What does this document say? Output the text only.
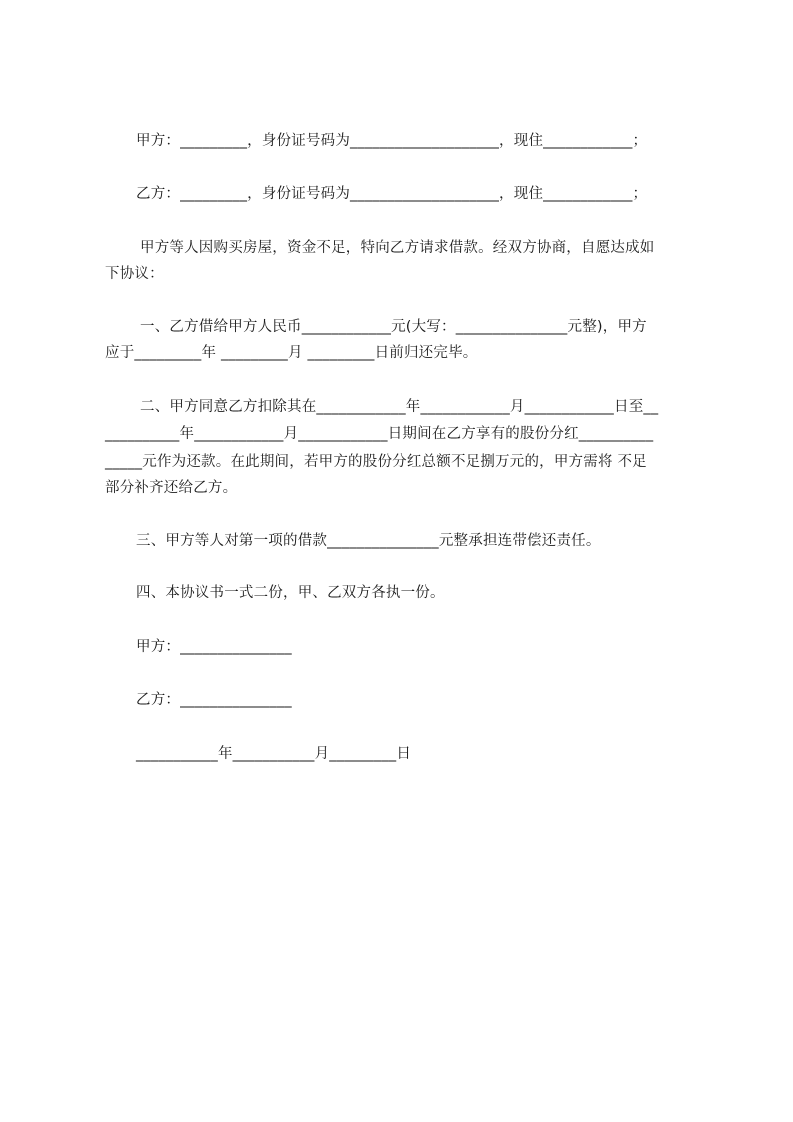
甲方：_________，身份证号码为____________________，现住____________；
乙方：_________，身份证号码为____________________，现住____________；
甲方等人因购买房屋，资金不足，特向乙方请求借款。经双方协商，自愿达成如
下协议：
一、乙方借给甲方人民币____________元(大写：_______________元整)，甲方
应于_________年 _________月 _________日前归还完毕。
二、甲方同意乙方扣除其在____________年____________月____________日至__
__________年____________月____________日期间在乙方享有的股份分红__________
_____元作为还款。在此期间，若甲方的股份分红总额不足捌万元的，甲方需将 不足
部分补齐还给乙方。
三、甲方等人对第一项的借款_______________元整承担连带偿还责任。
四、本协议书一式二份，甲、乙双方各执一份。
甲方：_______________
乙方：_______________
___________年___________月_________日
